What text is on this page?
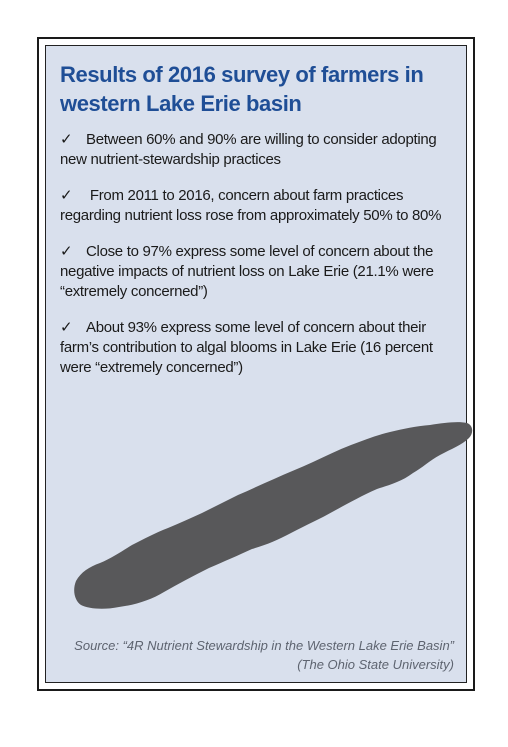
Results of 2016 survey of farmers in western Lake Erie basin
✓ Between 60% and 90% are willing to consider adopting new nutrient-stewardship practices
✓ From 2011 to 2016, concern about farm practices regarding nutrient loss rose from approximately 50% to 80%
✓ Close to 97% express some level of concern about the negative impacts of nutrient loss on Lake Erie (21.1% were “extremely concerned”)
✓ About 93% express some level of concern about their farm’s contribution to algal blooms in Lake Erie (16 percent were “extremely concerned”)

Source: “4R Nutrient Stewardship in the Western Lake Erie Basin” (The Ohio State University)
